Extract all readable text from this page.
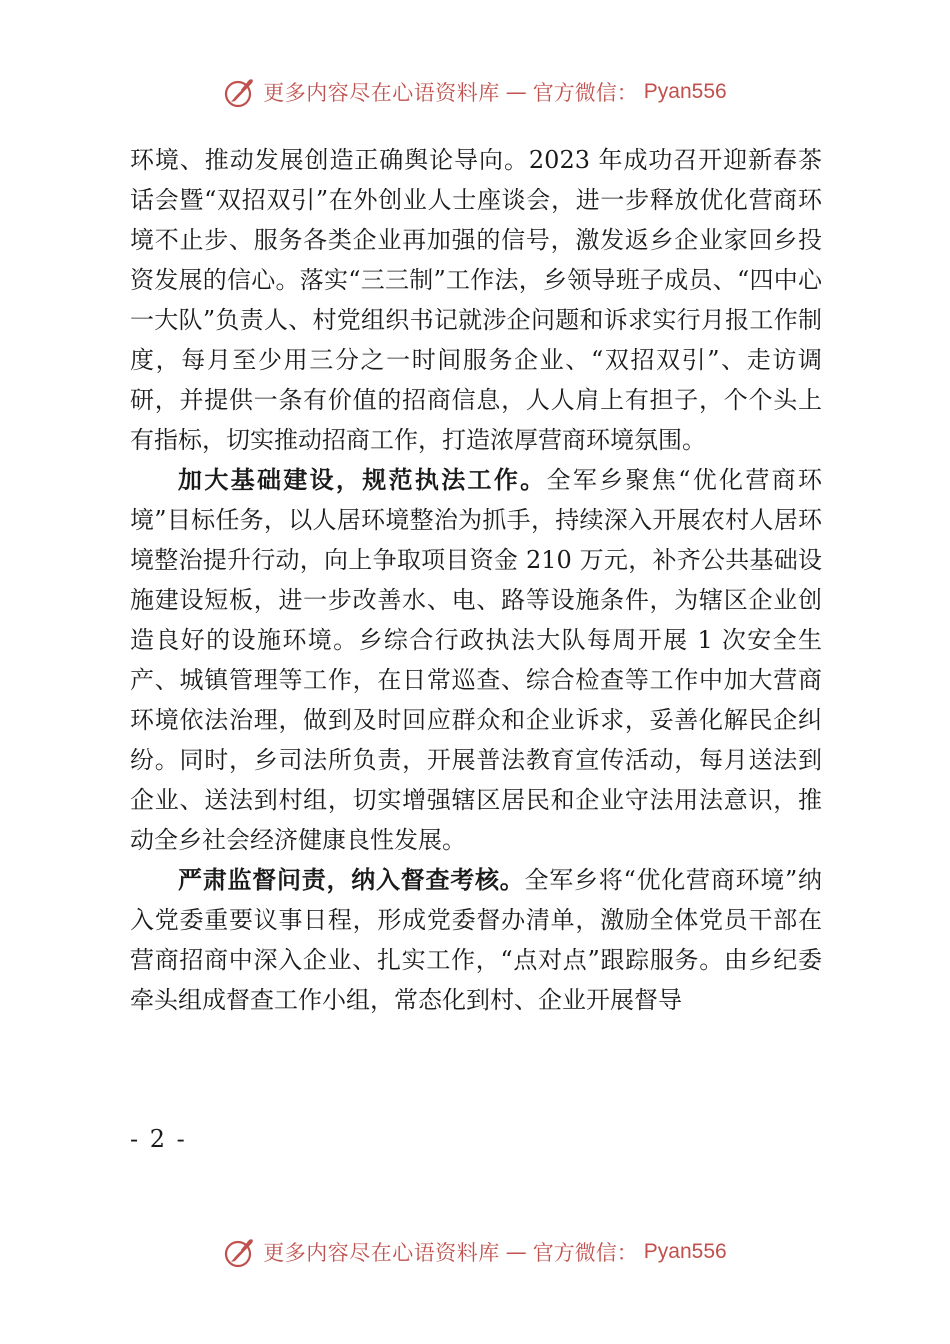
更多内容尽在心语资料库 — 官方微信： Pyan556

环境、推动发展创造正确舆论导向。2023 年成功召开迎新春茶话会暨“双招双引”在外创业人士座谈会，进一步释放优化营商环境不止步、服务各类企业再加强的信号，激发返乡企业家回乡投资发展的信心。落实“三三制”工作法，乡领导班子成员、“四中心一大队”负责人、村党组织书记就涉企问题和诉求实行月报工作制度，每月至少用三分之一时间服务企业、“双招双引”、走访调研，并提供一条有价值的招商信息，人人肩上有担子，个个头上有指标，切实推动招商工作，打造浓厚营商环境氛围。

加大基础建设，规范执法工作。全军乡聚焦“优化营商环境”目标任务，以人居环境整治为抓手，持续深入开展农村人居环境整治提升行动，向上争取项目资金 210 万元，补齐公共基础设施建设短板，进一步改善水、电、路等设施条件，为辖区企业创造良好的设施环境。乡综合行政执法大队每周开展 1 次安全生产、城镇管理等工作，在日常巡查、综合检查等工作中加大营商环境依法治理，做到及时回应群众和企业诉求，妥善化解民企纠纷。同时，乡司法所负责，开展普法教育宣传活动，每月送法到企业、送法到村组，切实增强辖区居民和企业守法用法意识，推动全乡社会经济健康良性发展。

严肃监督问责，纳入督查考核。全军乡将“优化营商环境”纳入党委重要议事日程，形成党委督办清单，激励全体党员干部在营商招商中深入企业、扎实工作，“点对点”跟踪服务。由乡纪委牵头组成督查工作小组，常态化到村、企业开展督导

- 2 -
更多内容尽在心语资料库 — 官方微信： Pyan556
